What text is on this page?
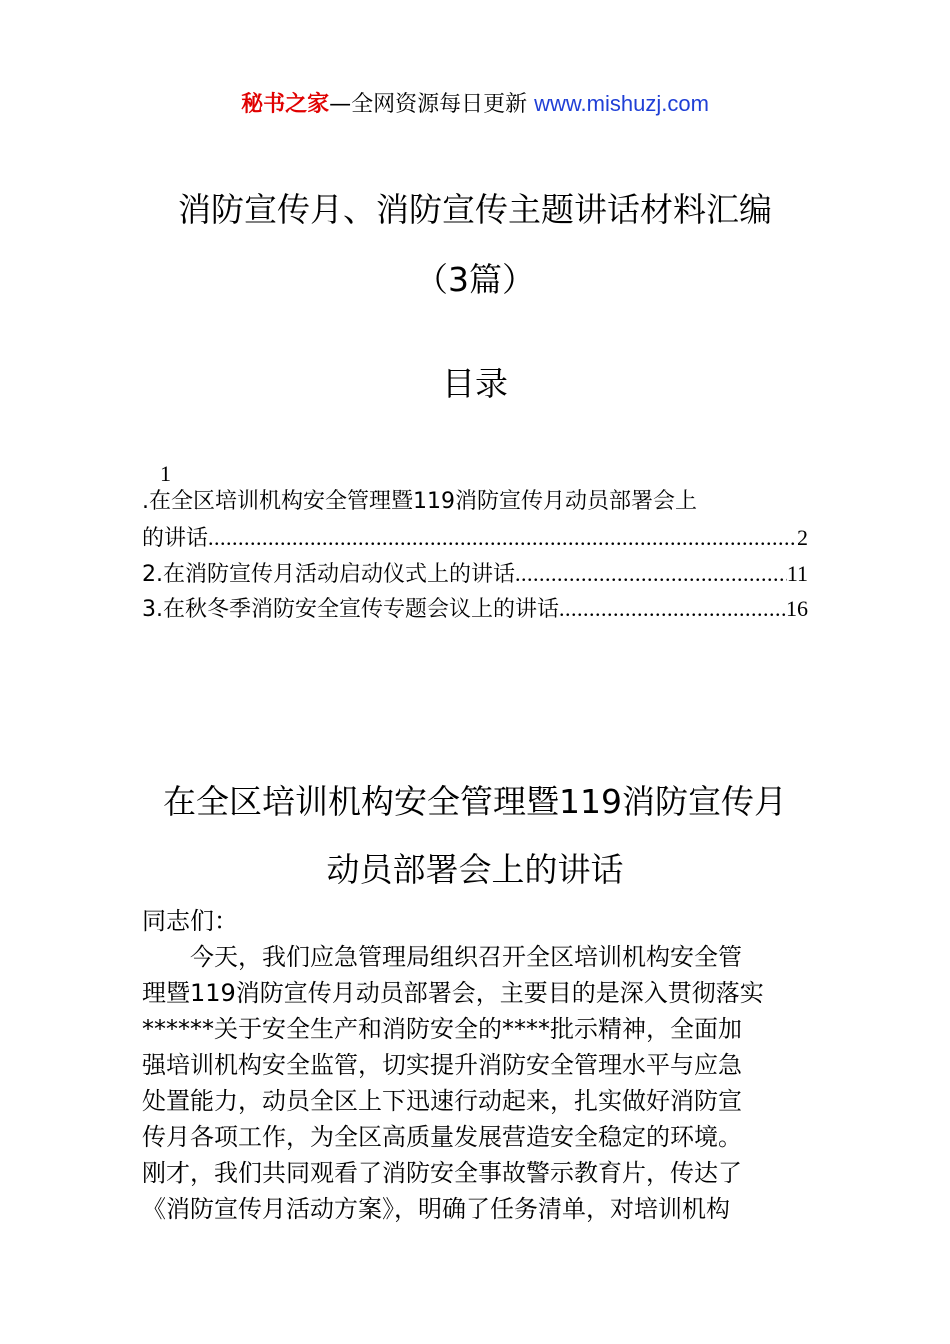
秘书之家—全网资源每日更新 www.mishuzj.com
消防宣传月、消防宣传主题讲话材料汇编
（3篇）
目录
1
.在全区培训机构安全管理暨119消防宣传月动员部署会上
的讲话 .....	2
2.在消防宣传月活动启动仪式上的讲话 .....	11
3.在秋冬季消防安全宣传专题会议上的讲话 .....	16
在全区培训机构安全管理暨119消防宣传月
动员部署会上的讲话
同志们：
　　今天，我们应急管理局组织召开全区培训机构安全管
理暨119消防宣传月动员部署会，主要目的是深入贯彻落实
******关于安全生产和消防安全的****批示精神，全面加
强培训机构安全监管，切实提升消防安全管理水平与应急
处置能力，动员全区上下迅速行动起来，扎实做好消防宣
传月各项工作，为全区高质量发展营造安全稳定的环境。
刚才，我们共同观看了消防安全事故警示教育片，传达了
《消防宣传月活动方案》，明确了任务清单，对培训机构
